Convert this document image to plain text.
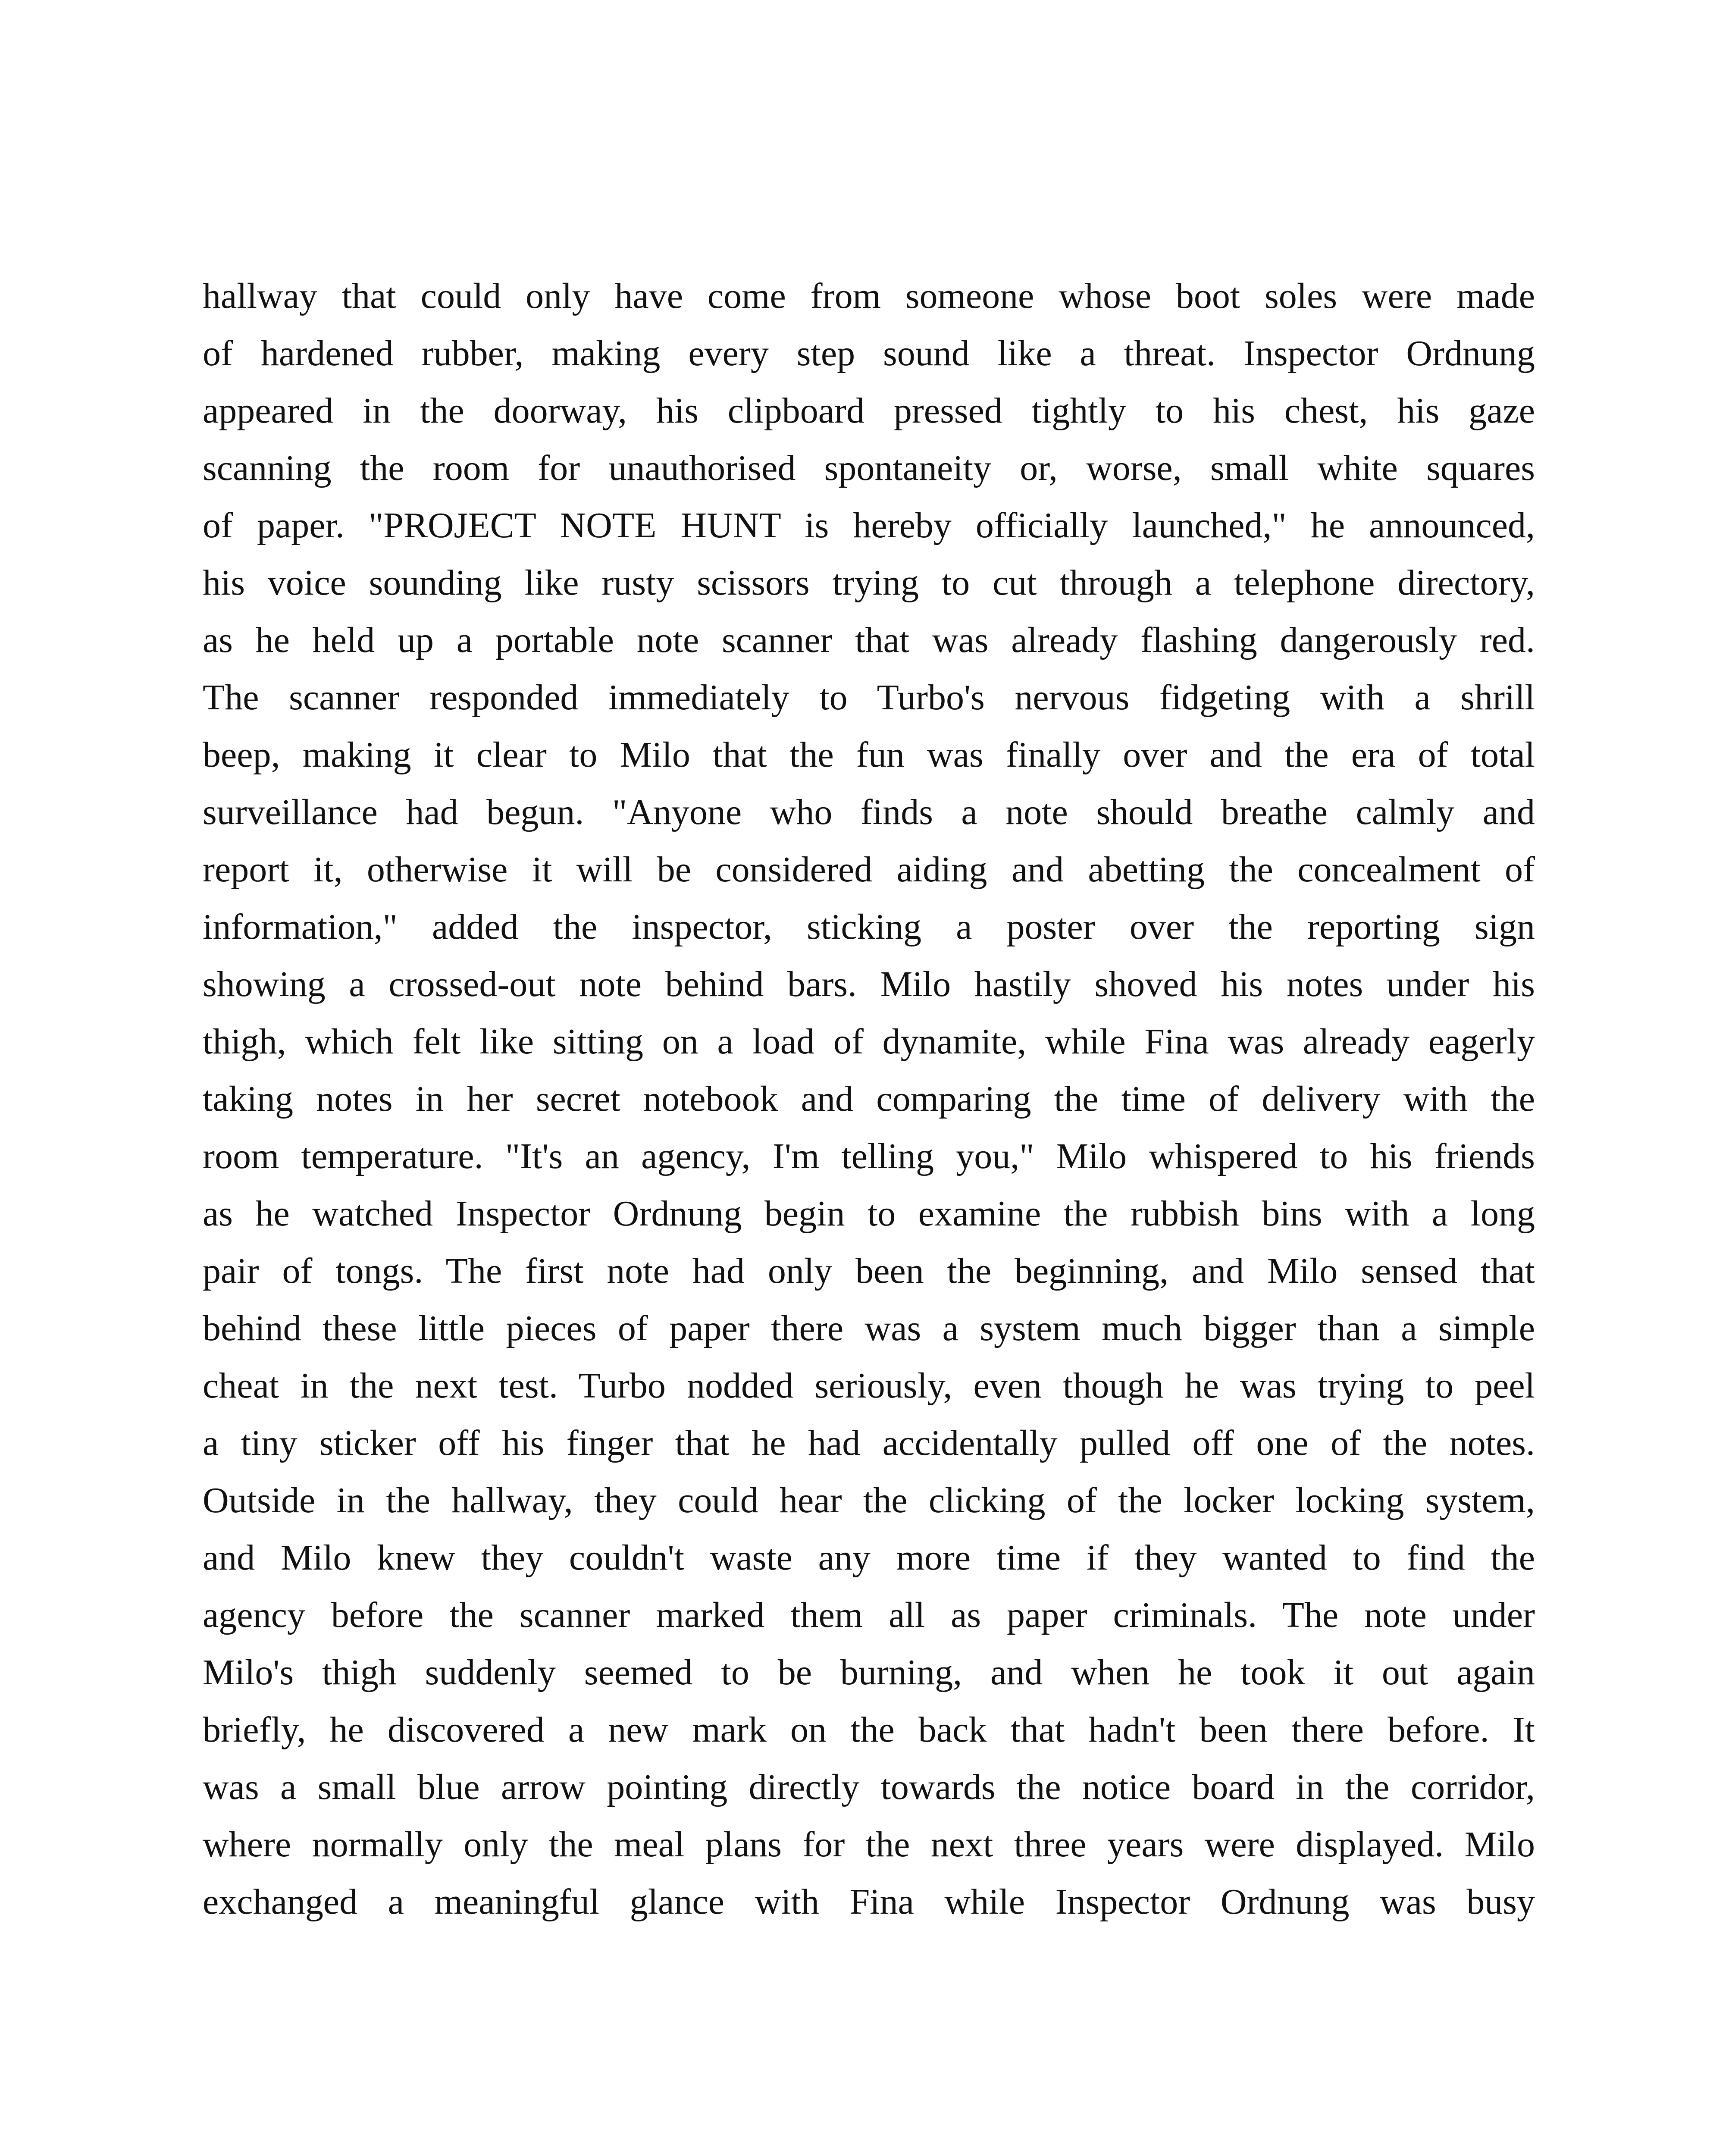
hallway that could only have come from someone whose boot soles were made
of hardened rubber, making every step sound like a threat. Inspector Ordnung
appeared in the doorway, his clipboard pressed tightly to his chest, his gaze
scanning the room for unauthorised spontaneity or, worse, small white squares
of paper. "PROJECT NOTE HUNT is hereby officially launched," he announced,
his voice sounding like rusty scissors trying to cut through a telephone directory,
as he held up a portable note scanner that was already flashing dangerously red.
The scanner responded immediately to Turbo's nervous fidgeting with a shrill
beep, making it clear to Milo that the fun was finally over and the era of total
surveillance had begun. "Anyone who finds a note should breathe calmly and
report it, otherwise it will be considered aiding and abetting the concealment of
information," added the inspector, sticking a poster over the reporting sign
showing a crossed-out note behind bars. Milo hastily shoved his notes under his
thigh, which felt like sitting on a load of dynamite, while Fina was already eagerly
taking notes in her secret notebook and comparing the time of delivery with the
room temperature. "It's an agency, I'm telling you," Milo whispered to his friends
as he watched Inspector Ordnung begin to examine the rubbish bins with a long
pair of tongs. The first note had only been the beginning, and Milo sensed that
behind these little pieces of paper there was a system much bigger than a simple
cheat in the next test. Turbo nodded seriously, even though he was trying to peel
a tiny sticker off his finger that he had accidentally pulled off one of the notes.
Outside in the hallway, they could hear the clicking of the locker locking system,
and Milo knew they couldn't waste any more time if they wanted to find the
agency before the scanner marked them all as paper criminals. The note under
Milo's thigh suddenly seemed to be burning, and when he took it out again
briefly, he discovered a new mark on the back that hadn't been there before. It
was a small blue arrow pointing directly towards the notice board in the corridor,
where normally only the meal plans for the next three years were displayed. Milo
exchanged a meaningful glance with Fina while Inspector Ordnung was busy
